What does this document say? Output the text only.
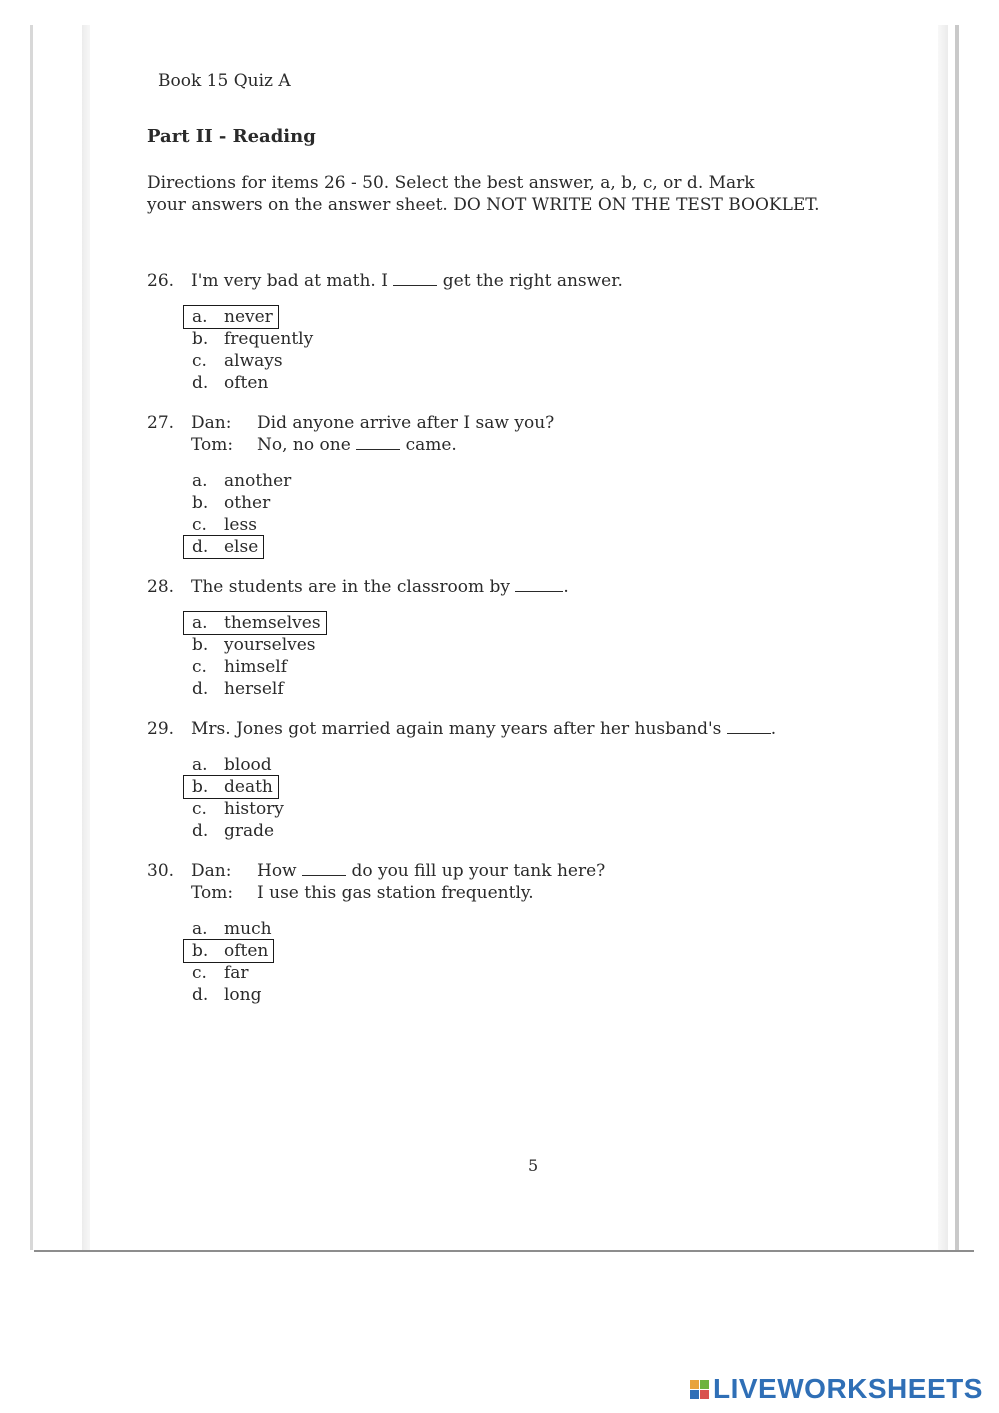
Book 15 Quiz A
Part II - Reading
Directions for items 26 - 50. Select the best answer, a, b, c, or d. Mark
your answers on the answer sheet. DO NOT WRITE ON THE TEST BOOKLET.
26. I'm very bad at math. I	get the right answer.
a. never
b. frequently
c.	always
d. often
27. Dan: Did anyone arrive after I saw you?
Tom: No, no one	came.
a. another
b. other
c.	less
d. else
28. The students are in the classroom by	.
a. themselves
b. yourselves
c.	himself
d. herself
29. Mrs. Jones got married again many years after her husband's	.
a. blood
b. death
c.	history
d. grade
30. Dan: How	do you fill up your tank here?
Tom: I use this gas station frequently.
a. much
b. often
c.	far
d. long
5
LIVEWORKSHEETS
